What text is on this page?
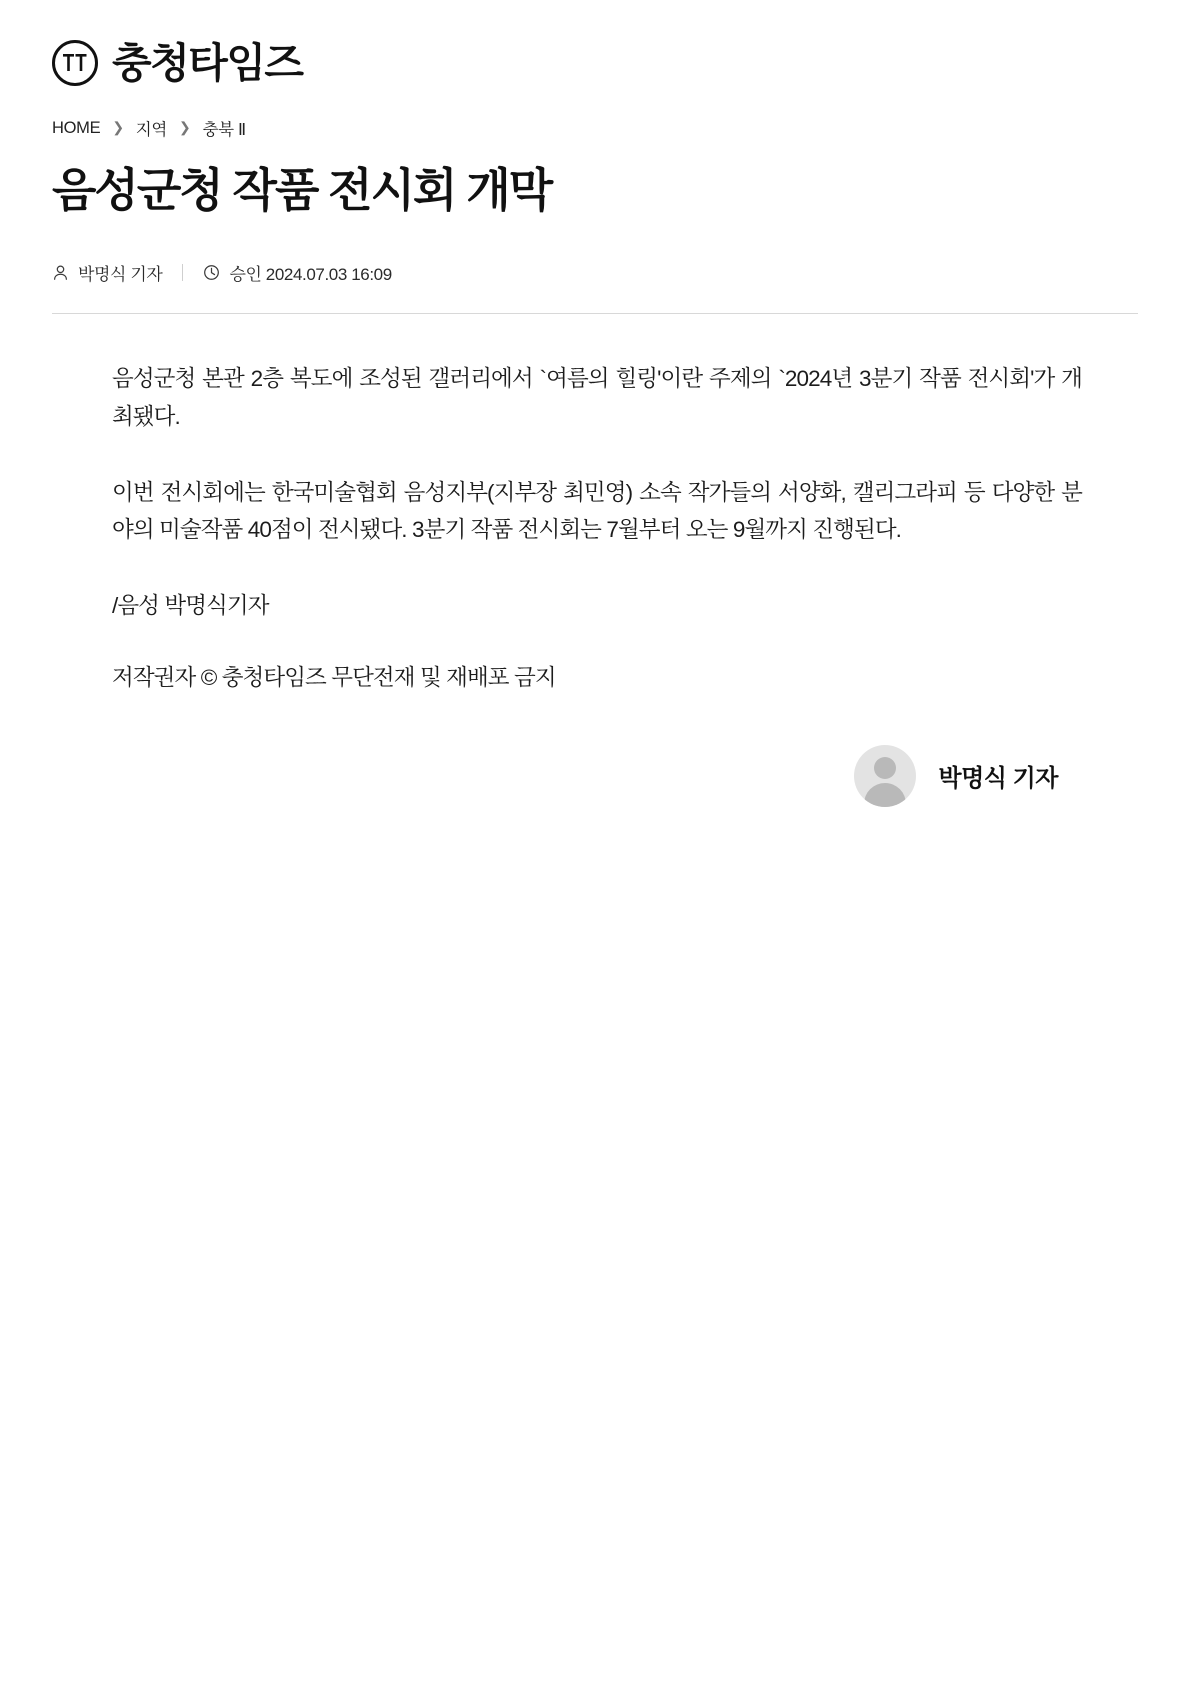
충청타임즈
HOME ❯ 지역 ❯ 충북 Ⅱ
음성군청 작품 전시회 개막
박명식 기자	승인 2024.07.03 16:09

음성군청 본관 2층 복도에 조성된 갤러리에서 `여름의 힐링'이란 주제의 `2024년 3분기 작품 전시회'가 개최됐다.

이번 전시회에는 한국미술협회 음성지부(지부장 최민영) 소속 작가들의 서양화, 캘리그라피 등 다양한 분야의 미술작품 40점이 전시됐다. 3분기 작품 전시회는 7월부터 오는 9월까지 진행된다.

/음성 박명식기자

저작권자 © 충청타임즈 무단전재 및 재배포 금지

박명식 기자
